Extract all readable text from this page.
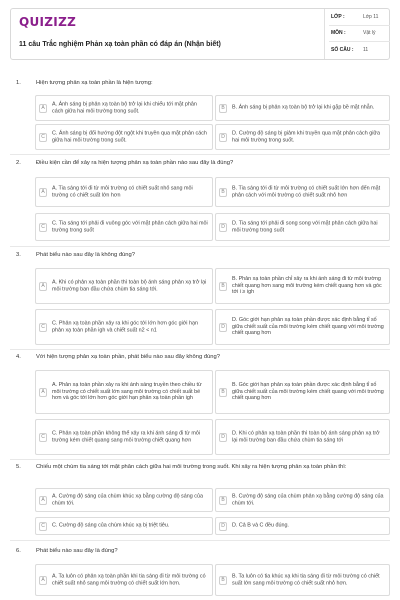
QUIZIZZ
11 câu Trắc nghiệm Phản xạ toàn phần có đáp án (Nhận biết)
LỚP :	Lớp 11
MÔN :	Vật lý
SỐ CÂU :	11
1.	Hiện tượng phản xạ toàn phần là hiện tượng:
A
A. Ánh sáng bị phản xạ toàn bộ trở lại khi chiếu tới mặt phân cách giữa hai môi trường trong suốt.
B	B. Ánh sáng bị phản xạ toàn bộ trở lại khi gặp bề mặt nhẵn.
C
C. Ánh sáng bị đổi hướng đột ngột khi truyền qua mặt phân cách giữa hai môi trường trong suốt.
D
D. Cường độ sáng bị giảm khi truyền qua mặt phân cách giữa hai môi trường trong suốt.
2.	Điều kiện cần để xảy ra hiện tượng phản xạ toàn phần nào sau đây là đúng?
A
A. Tia sáng tới đi từ môi trường có chiết suất nhỏ sang môi trường có chiết suất lớn hơn
B
B. Tia sáng tới đi từ môi trường có chiết suất lớn hơn đến mặt phân cách với môi trường có chiết suất nhỏ hơn
C
C. Tia sáng tới phải đi vuông góc với mặt phân cách giữa hai môi trường trong suốt
D
D. Tia sáng tới phải đi song song với mặt phân cách giữa hai môi trường trong suốt
3.	Phát biểu nào sau đây là không đúng?
A
A. Khi có phản xạ toàn phần thì toàn bộ ánh sáng phản xạ trở lại môi trường ban đầu chứa chùm tia sáng tới.
B
B. Phản xạ toàn phần chỉ xảy ra khi ánh sáng đi từ môi trường chiết quang hơn sang môi trường kém chiết quang hơn và góc tới i ≥ igh
C
C. Phản xạ toàn phần xảy ra khi góc tới lớn hơn góc giới hạn phản xạ toàn phần igh và chiết suất n2 < n1
D
D. Góc giới hạn phản xạ toàn phần được xác định bằng tỉ số giữa chiết suất của môi trường kém chiết quang với môi trường chiết quang hơn
4.	Với hiện tượng phản xạ toàn phần, phát biểu nào sau đây không đúng?
A
A. Phản xạ toàn phần xảy ra khi ánh sáng truyền theo chiều từ môi trường có chiết suất lớn sang môi trường có chiết suất bé hơn và góc tới lớn hơn góc giới hạn phản xạ toàn phần igh
B
B. Góc giới hạn phản xạ toàn phần được xác định bằng tỉ số giữa chiết suất của môi trường kém chiết quang với môi trường chiết quang hơn
C
C. Phản xạ toàn phần không thể xảy ra khi ánh sáng đi từ môi trường kém chiết quang sang môi trường chiết quang hơn
D
D. Khi có phản xạ toàn phần thì toàn bộ ánh sáng phản xạ trở lại môi trường ban đầu chứa chùm tia sáng tới
5.	Chiếu một chùm tia sáng tới mặt phân cách giữa hai môi trường trong suốt. Khi xảy ra hiện tượng phản xạ toàn phần thì:
A
A. Cường độ sáng của chùm khúc xạ bằng cường độ sáng của chùm tới.
B
B. Cường độ sáng của chùm phản xạ bằng cường độ sáng của chùm tới.
C	C. Cường độ sáng của chùm khúc xạ bị triệt tiêu.	D	D. Cả B và C đều đúng.
6.	Phát biểu nào sau đây là đúng?
A
A. Ta luôn có phản xạ toàn phần khi tia sáng đi từ môi trường có chiết suất nhỏ sang môi trường có chiết suất lớn hơn.
B
B. Ta luôn có tia khúc xạ khi tia sáng đi từ môi trường có chiết suất lớn sang môi trường có chiết suất nhỏ hơn.
